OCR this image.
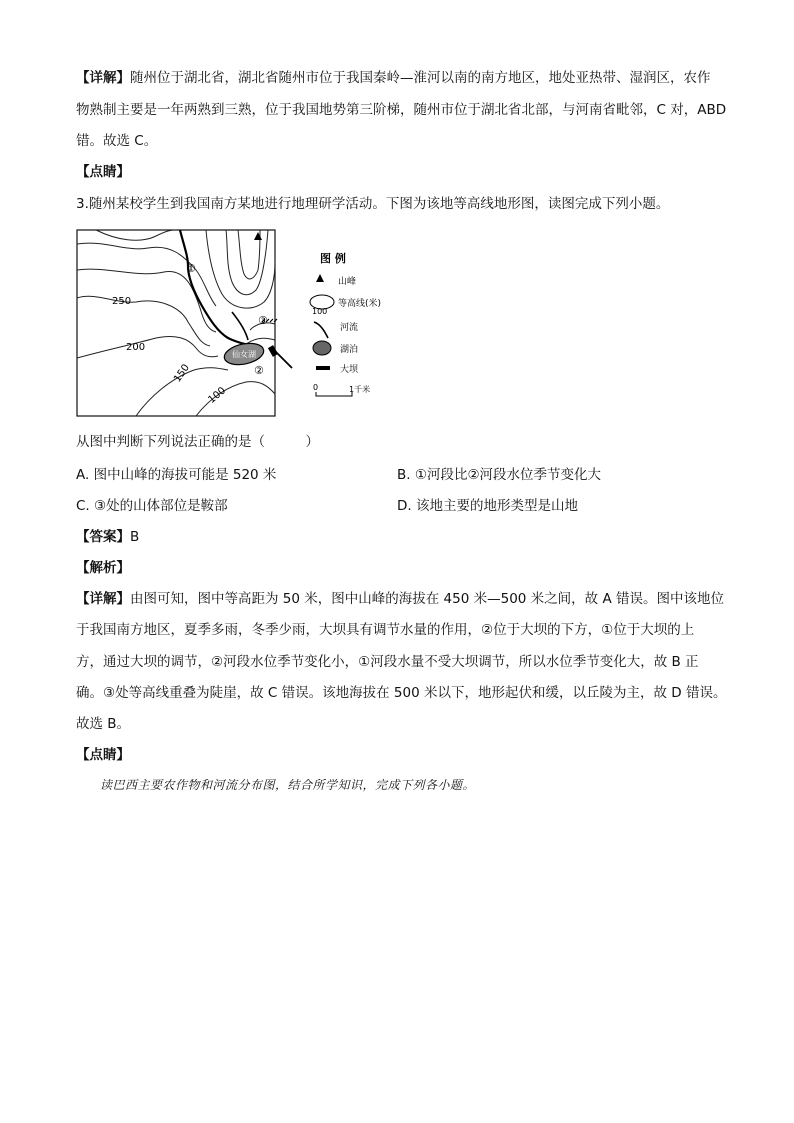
【详解】随州位于湖北省，湖北省随州市位于我国秦岭—淮河以南的南方地区，地处亚热带、湿润区，农作
物熟制主要是一年两熟到三熟，位于我国地势第三阶梯，随州市位于湖北省北部，与河南省毗邻，C 对，ABD
错。故选 C。
【点睛】
3.随州某校学生到我国南方某地进行地理研学活动。下图为该地等高线地形图，读图完成下列小题。
仙女湖
①
②
③
250
200
150
100
图 例
山峰
100
等高线(米)
河流
湖泊
大坝
0	1千米
从图中判断下列说法正确的是（　　　）
A. 图中山峰的海拔可能是 520 米	B. ①河段比②河段水位季节变化大
C. ③处的山体部位是鞍部	D. 该地主要的地形类型是山地
【答案】B
【解析】
【详解】由图可知，图中等高距为 50 米，图中山峰的海拔在 450 米—500 米之间，故 A 错误。图中该地位
于我国南方地区，夏季多雨，冬季少雨，大坝具有调节水量的作用，②位于大坝的下方，①位于大坝的上
方，通过大坝的调节，②河段水位季节变化小，①河段水量不受大坝调节，所以水位季节变化大，故 B 正
确。③处等高线重叠为陡崖，故 C 错误。该地海拔在 500 米以下，地形起伏和缓，以丘陵为主，故 D 错误。
故选 B。
【点睛】
读巴西主要农作物和河流分布图，结合所学知识，完成下列各小题。
